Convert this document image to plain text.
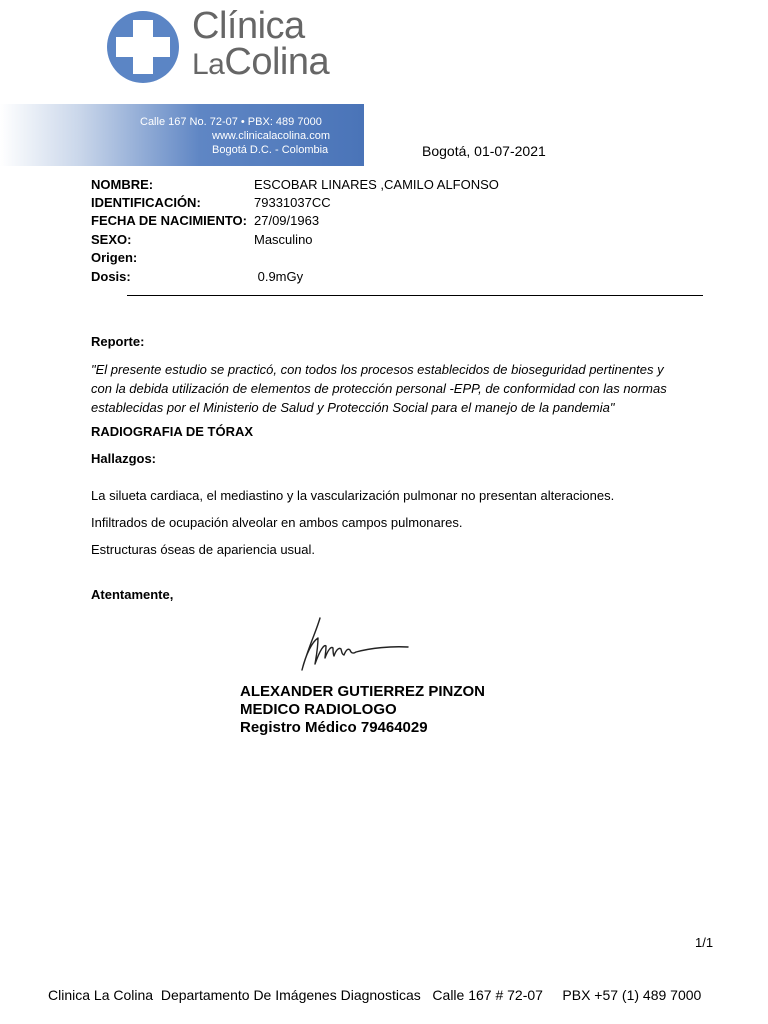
Clínica
LaColina
Calle 167 No. 72-07 • PBX: 489 7000
www.clinicalacolina.com
Bogotá D.C. - Colombia	Bogotá, 01-07-2021
NOMBRE:	ESCOBAR LINARES ,CAMILO ALFONSO
IDENTIFICACIÓN:	79331037CC
FECHA DE NACIMIENTO: 27/09/1963
SEXO:	Masculino
Origen:
Dosis:	0.9mGy
Reporte:
"El presente estudio se practicó, con todos los procesos establecidos de bioseguridad pertinentes y
con la debida utilización de elementos de protección personal -EPP, de conformidad con las normas
establecidas por el Ministerio de Salud y Protección Social para el manejo de la pandemia"
RADIOGRAFIA DE TÓRAX
Hallazgos:
La silueta cardiaca, el mediastino y la vascularización pulmonar no presentan alteraciones.
Infiltrados de ocupación alveolar en ambos campos pulmonares.
Estructuras óseas de apariencia usual.
Atentamente,
ALEXANDER GUTIERREZ PINZON
MEDICO RADIOLOGO
Registro Médico 79464029
1/1
Clinica La Colina  Departamento De Imágenes Diagnosticas   Calle 167 # 72-07     PBX +57 (1) 489 7000
